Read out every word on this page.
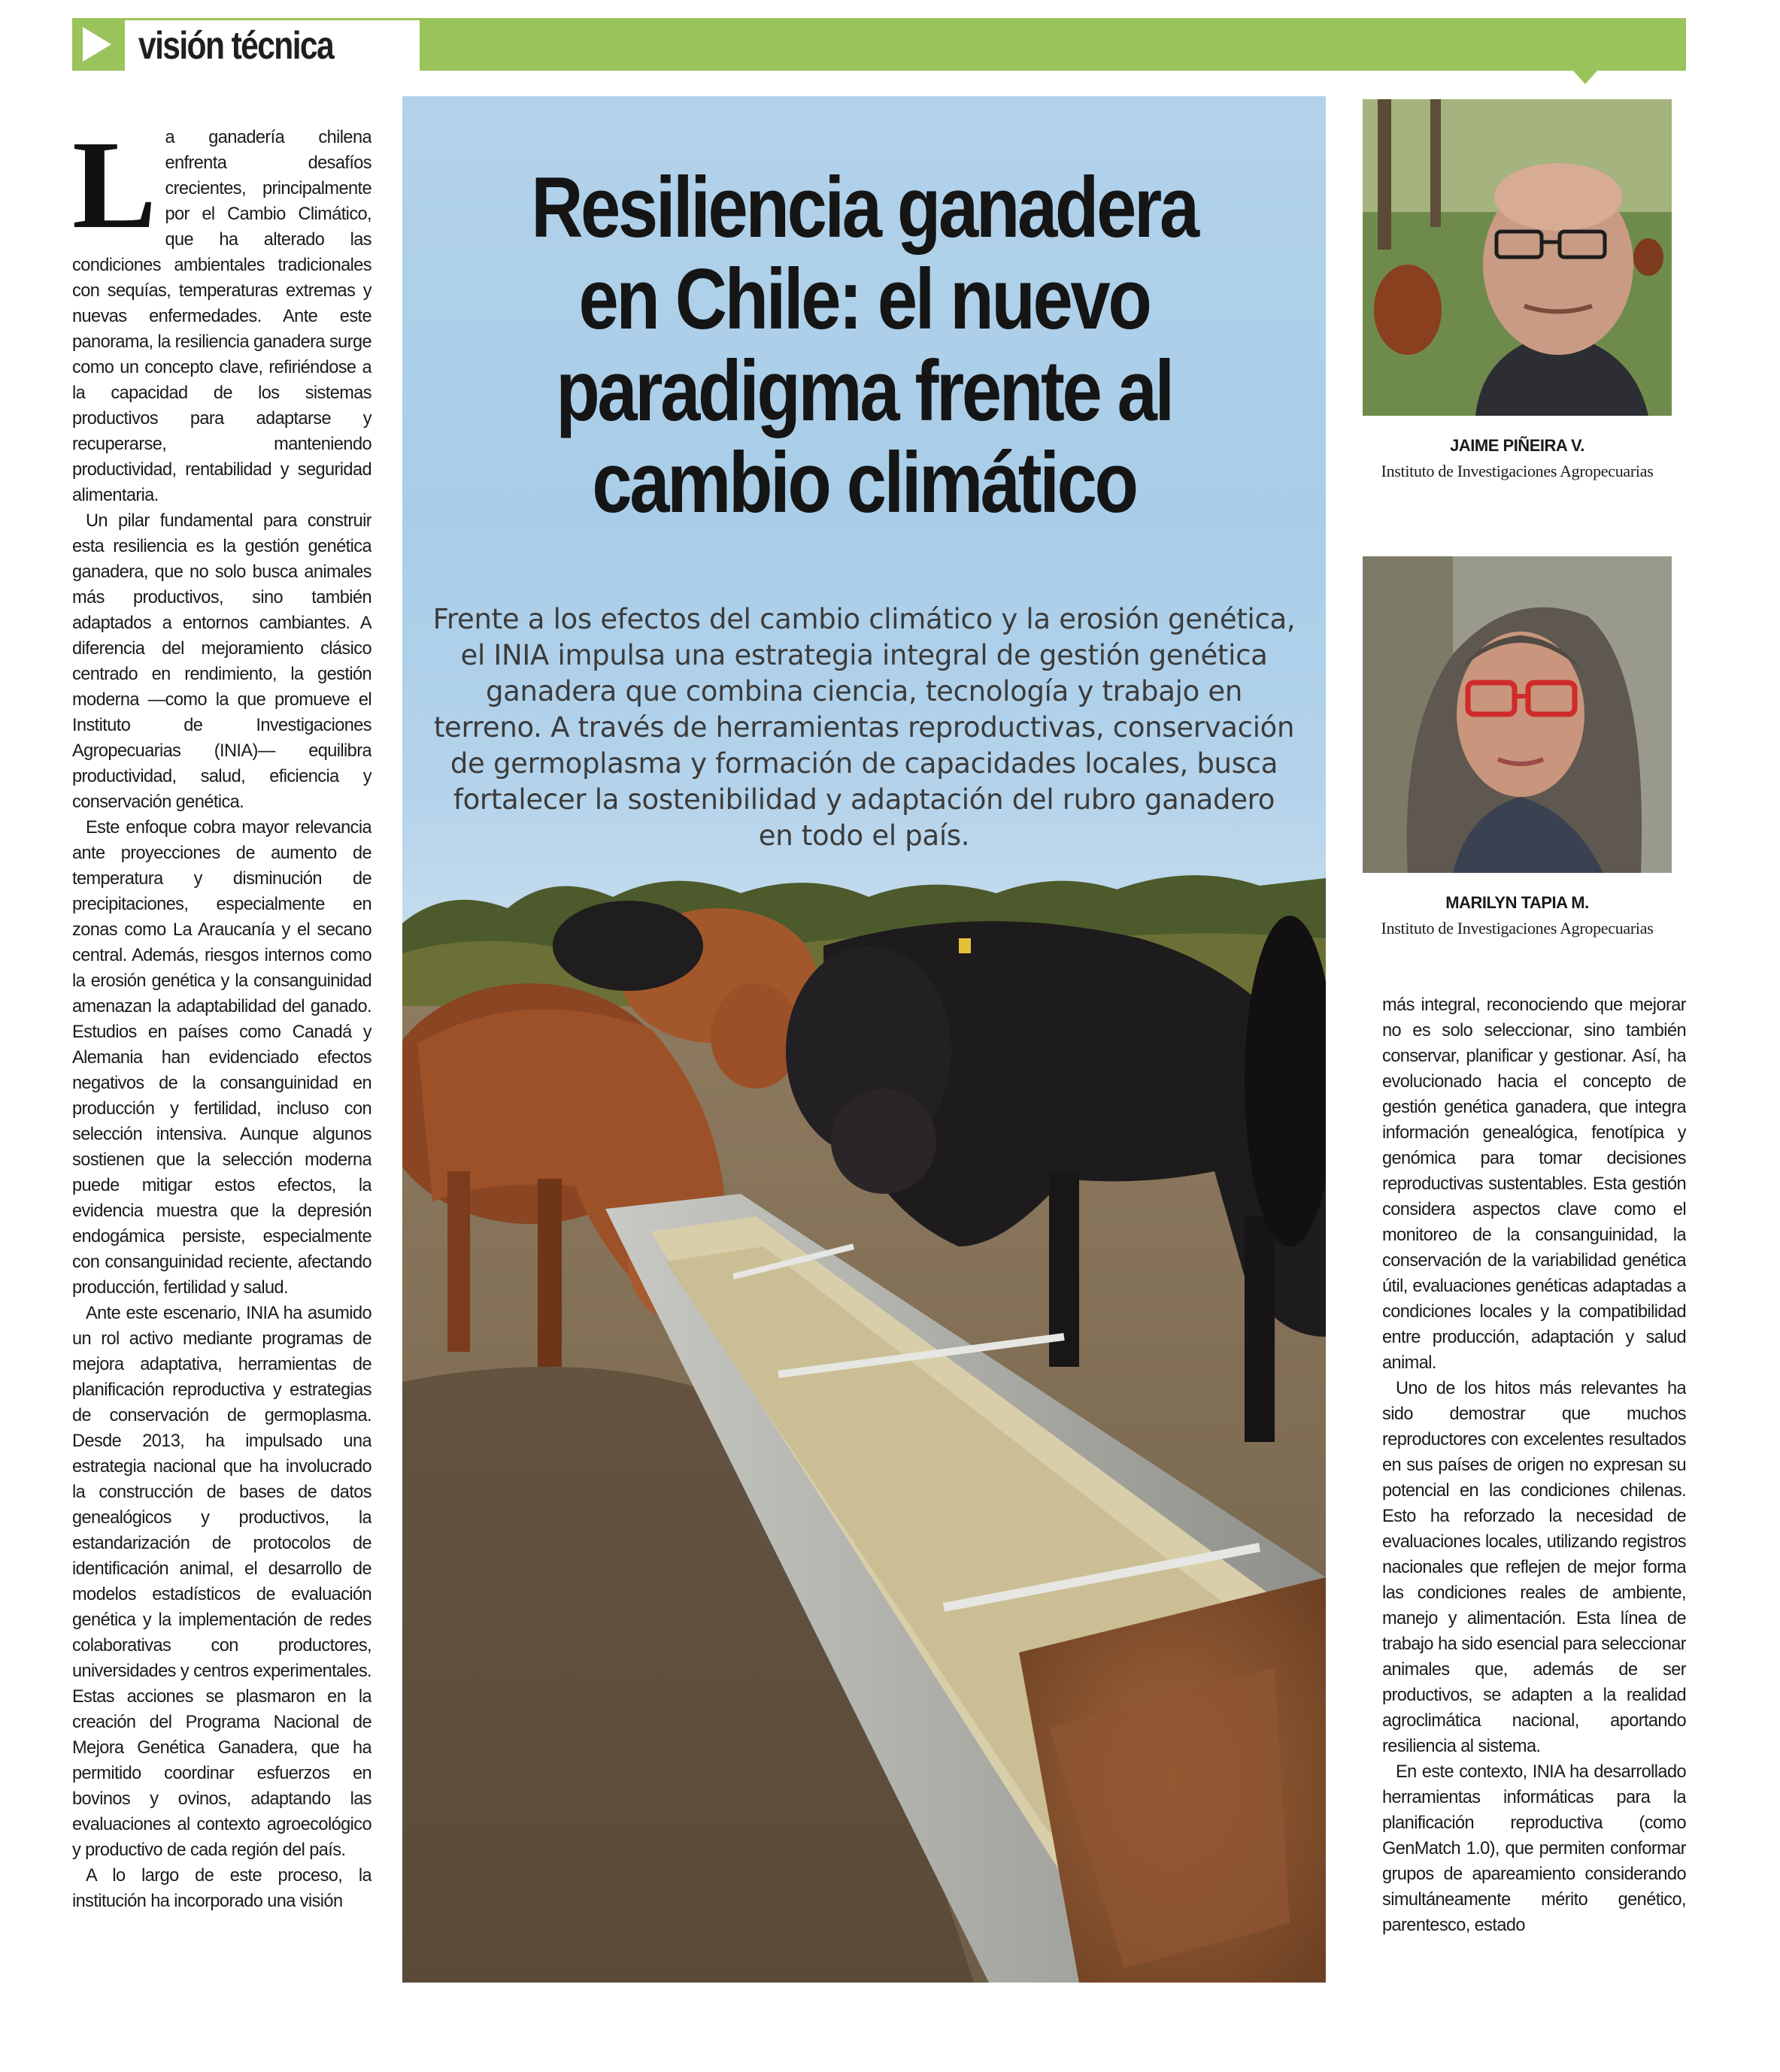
visión técnica

La ganadería chilena enfrenta desafíos crecientes, principalmente por el Cambio Climático, que ha alterado las condiciones ambientales tradicionales con sequías, temperaturas extremas y nuevas enfermedades. Ante este panorama, la resiliencia ganadera surge como un concepto clave, refiriéndose a la capacidad de los sistemas productivos para adaptarse y recuperarse, manteniendo productividad, rentabilidad y seguridad alimentaria.

Un pilar fundamental para construir esta resiliencia es la gestión genética ganadera, que no solo busca animales más productivos, sino también adaptados a entornos cambiantes. A diferencia del mejoramiento clásico centrado en rendimiento, la gestión moderna —como la que promueve el Instituto de Investigaciones Agropecuarias (INIA)— equilibra productividad, salud, eficiencia y conservación genética.

Este enfoque cobra mayor relevancia ante proyecciones de aumento de temperatura y disminución de precipitaciones, especialmente en zonas como La Araucanía y el secano central. Además, riesgos internos como la erosión genética y la consanguinidad amenazan la adaptabilidad del ganado. Estudios en países como Canadá y Alemania han evidenciado efectos negativos de la consanguinidad en producción y fertilidad, incluso con selección intensiva. Aunque algunos sostienen que la selección moderna puede mitigar estos efectos, la evidencia muestra que la depresión endogámica persiste, especialmente con consanguinidad reciente, afectando producción, fertilidad y salud.

Ante este escenario, INIA ha asumido un rol activo mediante programas de mejora adaptativa, herramientas de planificación reproductiva y estrategias de conservación de germoplasma. Desde 2013, ha impulsado una estrategia nacional que ha involucrado la construcción de bases de datos genealógicos y productivos, la estandarización de protocolos de identificación animal, el desarrollo de modelos estadísticos de evaluación genética y la implementación de redes colaborativas con productores, universidades y centros experimentales. Estas acciones se plasmaron en la creación del Programa Nacional de Mejora Genética Ganadera, que ha permitido coordinar esfuerzos en bovinos y ovinos, adaptando las evaluaciones al contexto agroecológico y productivo de cada región del país.

A lo largo de este proceso, la institución ha incorporado una visión

Resiliencia ganadera en Chile: el nuevo paradigma frente al cambio climático
Frente a los efectos del cambio climático y la erosión genética, el INIA impulsa una estrategia integral de gestión genética ganadera que combina ciencia, tecnología y trabajo en terreno. A través de herramientas reproductivas, conservación de germoplasma y formación de capacidades locales, busca fortalecer la sostenibilidad y adaptación del rubro ganadero en todo el país.
JAIME PIÑEIRA V.
Instituto de Investigaciones Agropecuarias
MARILYN TAPIA M.
Instituto de Investigaciones Agropecuarias

más integral, reconociendo que mejorar no es solo seleccionar, sino también conservar, planificar y gestionar. Así, ha evolucionado hacia el concepto de gestión genética ganadera, que integra información genealógica, fenotípica y genómica para tomar decisiones reproductivas sustentables. Esta gestión considera aspectos clave como el monitoreo de la consanguinidad, la conservación de la variabilidad genética útil, evaluaciones genéticas adaptadas a condiciones locales y la compatibilidad entre producción, adaptación y salud animal.

Uno de los hitos más relevantes ha sido demostrar que muchos reproductores con excelentes resultados en sus países de origen no expresan su potencial en las condiciones chilenas. Esto ha reforzado la necesidad de evaluaciones locales, utilizando registros nacionales que reflejen de mejor forma las condiciones reales de ambiente, manejo y alimentación. Esta línea de trabajo ha sido esencial para seleccionar animales que, además de ser productivos, se adapten a la realidad agroclimática nacional, aportando resiliencia al sistema.

En este contexto, INIA ha desarrollado herramientas informáticas para la planificación reproductiva (como GenMatch 1.0), que permiten conformar grupos de apareamiento considerando simultáneamente mérito genético, parentesco, estado
